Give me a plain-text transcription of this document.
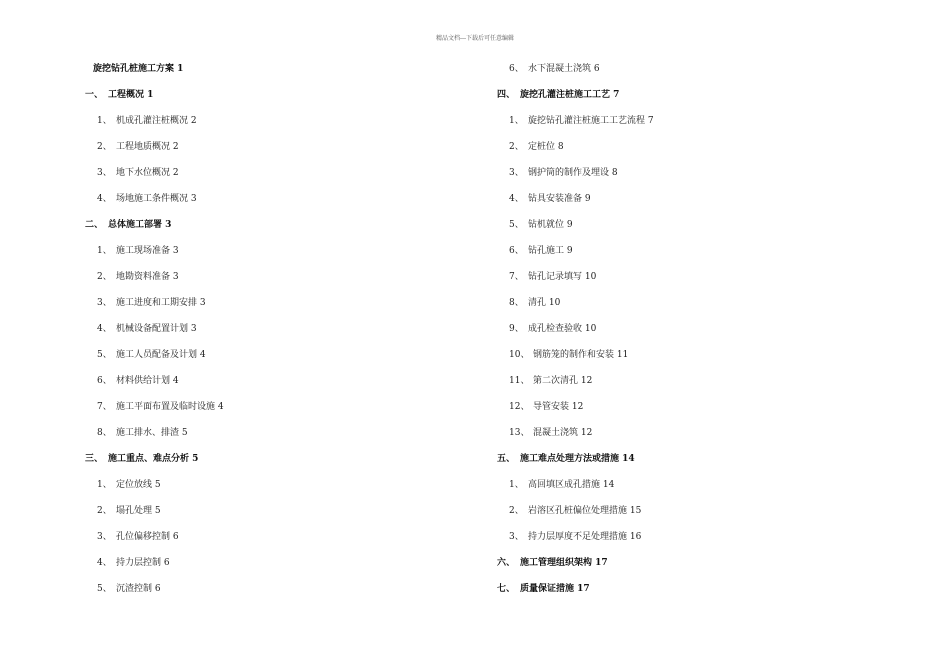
精品文档---下载后可任意编辑
旋挖钻孔桩施工方案 1
一、 工程概况 1
1、 机成孔灌注桩概况 2
2、 工程地质概况 2
3、 地下水位概况 2
4、 场地施工条件概况 3
二、 总体施工部署 3
1、 施工现场准备 3
2、 地勘资料准备 3
3、 施工进度和工期安排 3
4、 机械设备配置计划 3
5、 施工人员配备及计划 4
6、 材料供给计划 4
7、 施工平面布置及临时设施 4
8、 施工排水、排渣 5
三、 施工重点、难点分析 5
1、 定位放线 5
2、 塌孔处理 5
3、 孔位偏移控制 6
4、 持力层控制 6
5、 沉渣控制 6
6、 水下混凝土浇筑 6
四、 旋挖孔灌注桩施工工艺 7
1、 旋挖钻孔灌注桩施工工艺流程 7
2、 定桩位 8
3、 钢护筒的制作及埋设 8
4、 钻具安装准备 9
5、 钻机就位 9
6、 钻孔施工 9
7、 钻孔记录填写 10
8、 清孔 10
9、 成孔检查验收 10
10、 钢筋笼的制作和安装 11
11、 第二次清孔 12
12、 导管安装 12
13、 混凝土浇筑 12
五、 施工难点处理方法或措施 14
1、 高回填区成孔措施 14
2、 岩溶区孔桩偏位处理措施 15
3、 持力层厚度不足处理措施 16
六、 施工管理组织架构 17
七、 质量保证措施 17
